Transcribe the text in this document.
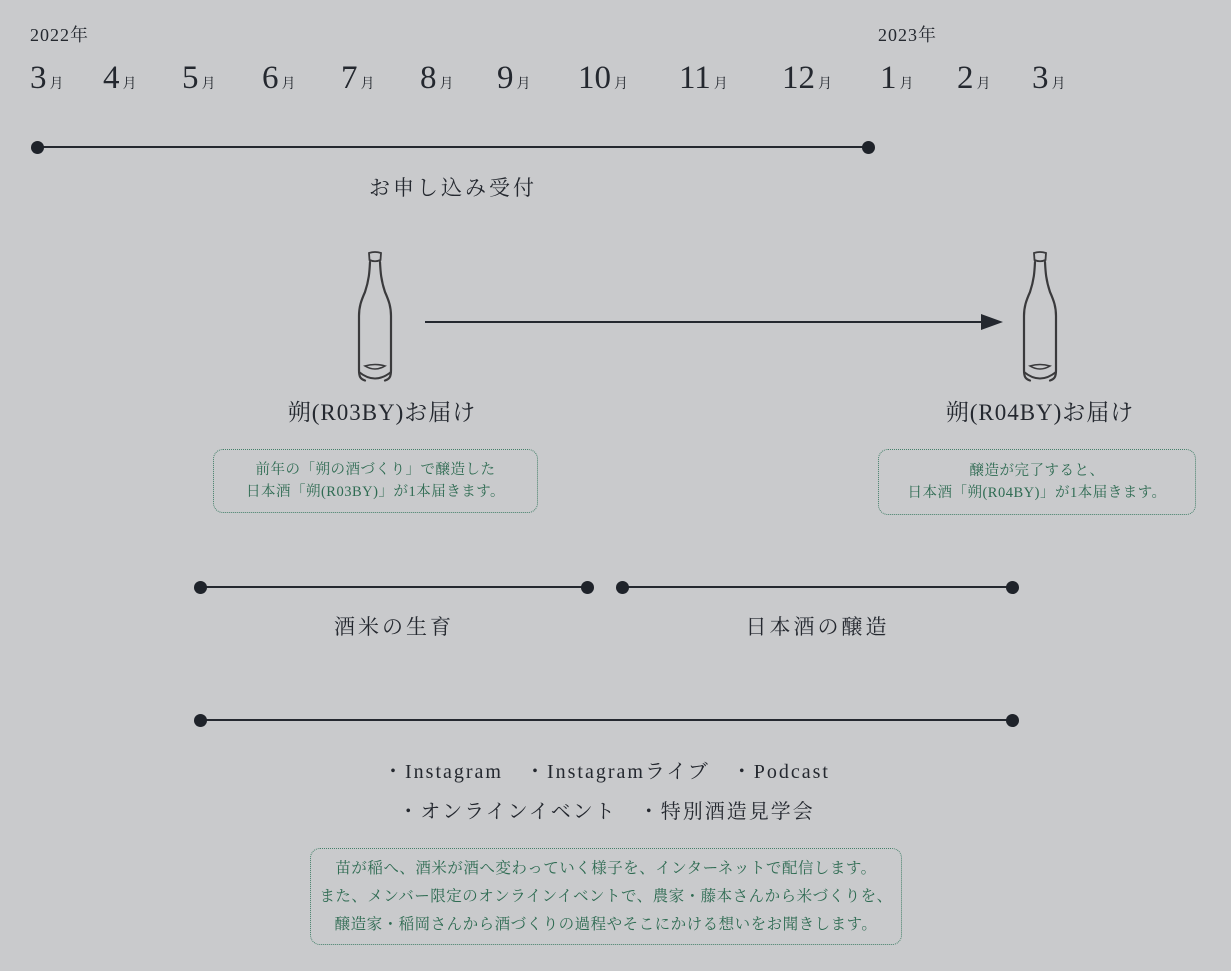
2022年	2023年
3 月 4 月 5 月 6 月 7 月 8 月 9 月 10 月 11 月 12 月 1 月 2 月 3 月
お申し込み受付
朔(R03BY)お届け	朔(R04BY)お届け
前年の「朔の酒づくり」で醸造した
日本酒「朔(R03BY)」が1本届きます。
醸造が完了すると、
日本酒「朔(R04BY)」が1本届きます。
酒米の生育	日本酒の醸造
・Instagram　・Instagramライブ　・Podcast
・オンラインイベント　・特別酒造見学会
苗が稲へ、酒米が酒へ変わっていく様子を、インターネットで配信します。
また、メンバー限定のオンラインイベントで、農家・藤本さんから米づくりを、
醸造家・稲岡さんから酒づくりの過程やそこにかける想いをお聞きします。
